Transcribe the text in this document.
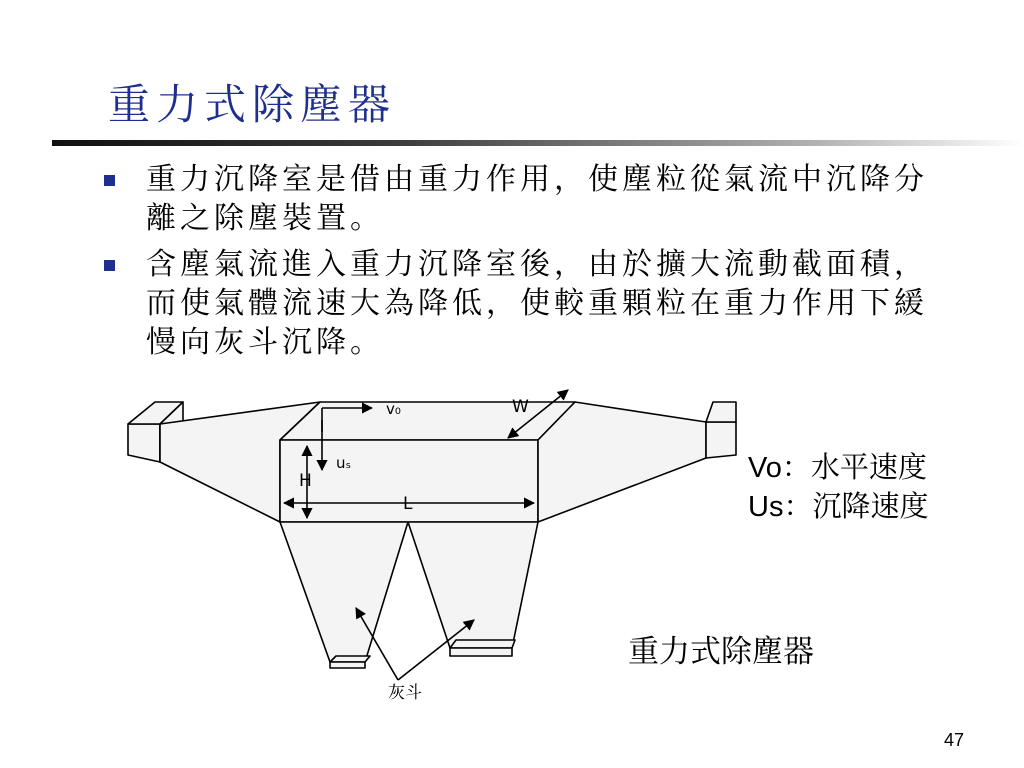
重力式除塵器
重力沉降室是借由重力作用，使塵粒從氣流中沉降分離之除塵裝置。
含塵氣流進入重力沉降室後，由於擴大流動截面積，而使氣體流速大為降低，使較重顆粒在重力作用下緩慢向灰斗沉降。
v₀	W
uₛ
H
L
灰斗
Vo：水平速度
Us：沉降速度
重力式除塵器
47
